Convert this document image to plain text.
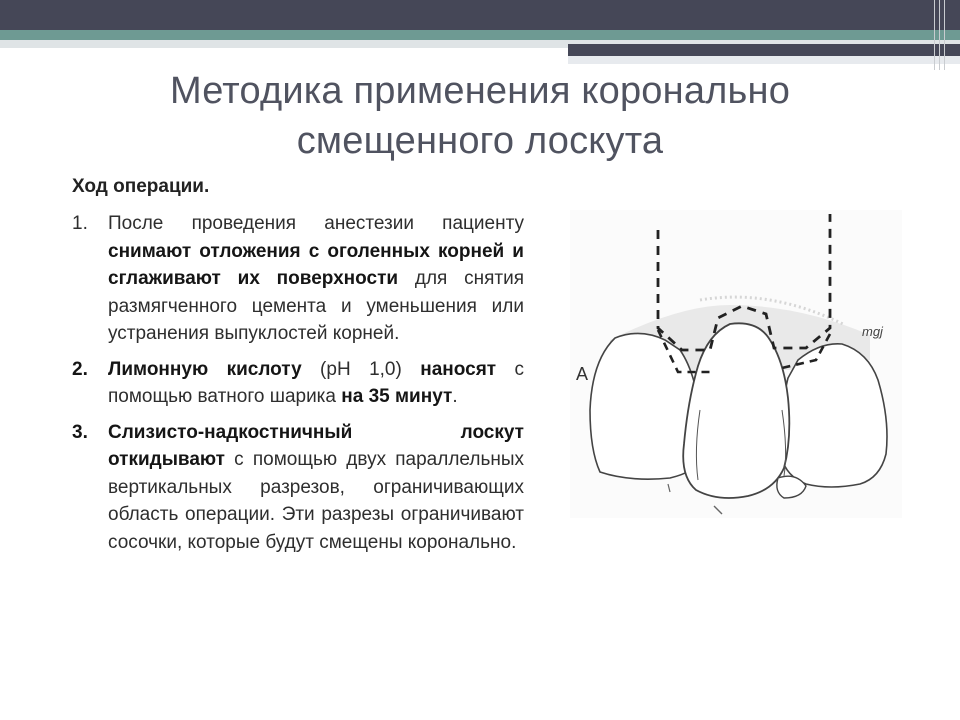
Методика применения коронально
смещенного лоскута
Ход операции.
1.	После проведения анестезии пациенту снимают отложения с оголенных корней и сглаживают их поверхности для снятия размягченного цемента и уменьшения или устранения выпуклостей корней.
2.	Лимонную кислоту (рН 1,0) наносят с помощью ватного шарика на 35 минут.
3.	Слизисто-надкостничный лоскут откидывают с помощью двух параллельных вертикальных разрезов, ограничивающих область операции. Эти разрезы ограничивают сосочки, которые будут смещены коронально.
A
mgj
